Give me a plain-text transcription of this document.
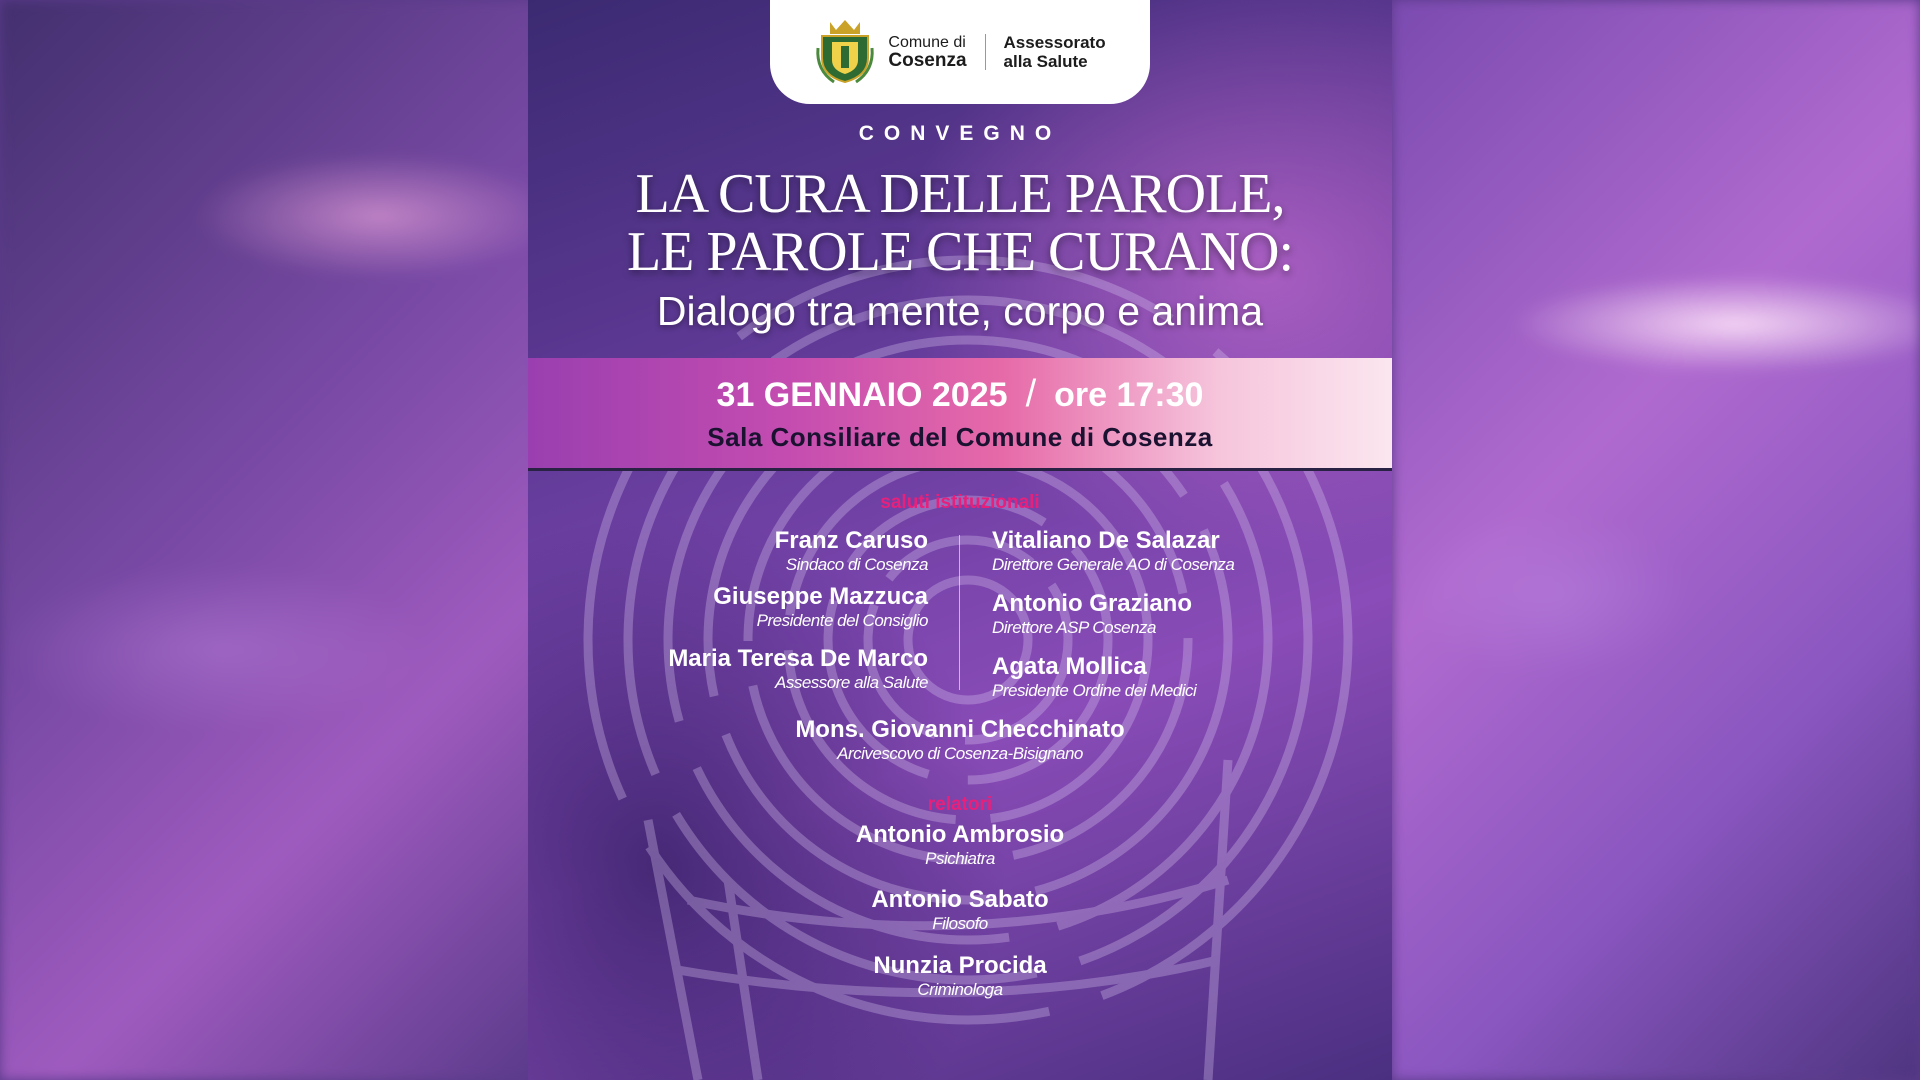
Comune di
Cosenza
Assessorato
alla Salute
CONVEGNO
LA CURA DELLE PAROLE,
LE PAROLE CHE CURANO:
Dialogo tra mente, corpo e anima
31 GENNAIO 2025 / ore 17:30
Sala Consiliare del Comune di Cosenza
saluti istituzionali
Franz Caruso
Sindaco di Cosenza
Giuseppe Mazzuca
Presidente del Consiglio
Maria Teresa De Marco
Assessore alla Salute
Vitaliano De Salazar
Direttore Generale AO di Cosenza
Antonio Graziano
Direttore ASP Cosenza
Agata Mollica
Presidente Ordine dei Medici
Mons. Giovanni Checchinato
Arcivescovo di Cosenza-Bisignano
relatori
Antonio Ambrosio
Psichiatra
Antonio Sabato
Filosofo
Nunzia Procida
Criminologa
